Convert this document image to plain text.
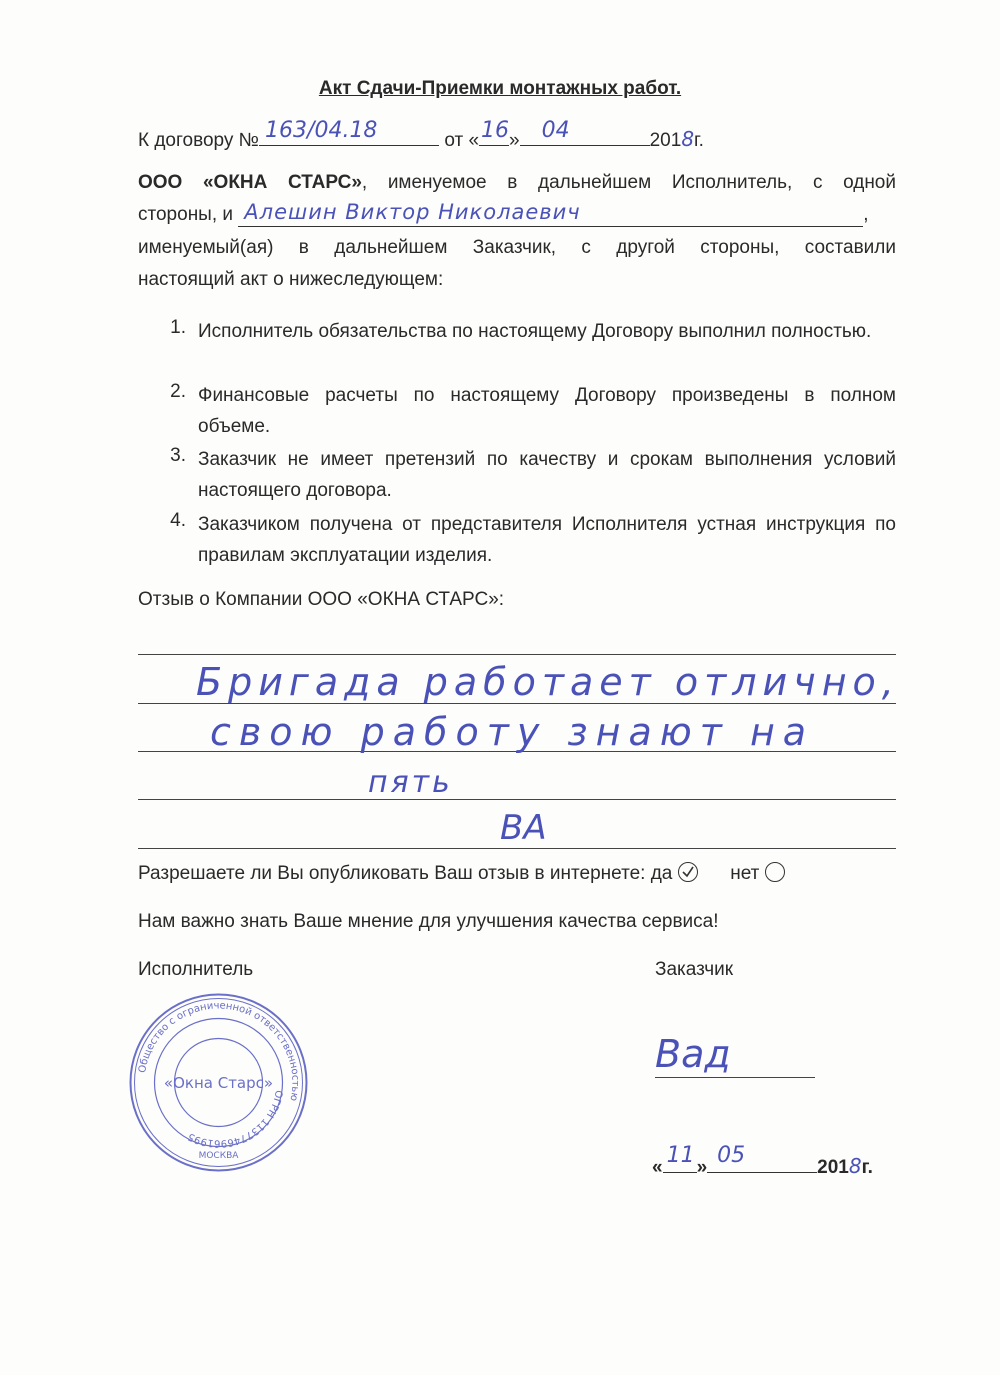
Акт Сдачи-Приемки монтажных работ.
К договору № 163/04.18	от « 16 » 04	2018г.
ООО «ОКНА СТАРС», именуемое в дальнейшем Исполнитель, с одной
стороны, и Алешин Виктор Николаевич	,
именуемый(ая) в дальнейшем Заказчик, с другой стороны, составили
настоящий акт о нижеследующем:
1. Исполнитель обязательства по настоящему Договору выполнил полностью.
2. Финансовые расчеты по настоящему Договору произведены в полном объеме.
3. Заказчик не имеет претензий по качеству и срокам выполнения условий настоящего договора.
4. Заказчиком получена от представителя Исполнителя устная инструкция по правилам эксплуатации изделия.
Отзыв о Компании ООО «ОКНА СТАРС»:
Бригада работает отлично,
свою работу знают на
пять
ВА
Разрешаете ли Вы опубликовать Ваш отзыв в интернете: да	нет
Нам важно знать Ваше мнение для улучшения качества сервиса!
Исполнитель	Заказчик
Общество с ограниченной ответственностью
ОГРН 1137746961995
«Окна Старс»
МОСКВА
Вад
« 11 » 05	2018г.
